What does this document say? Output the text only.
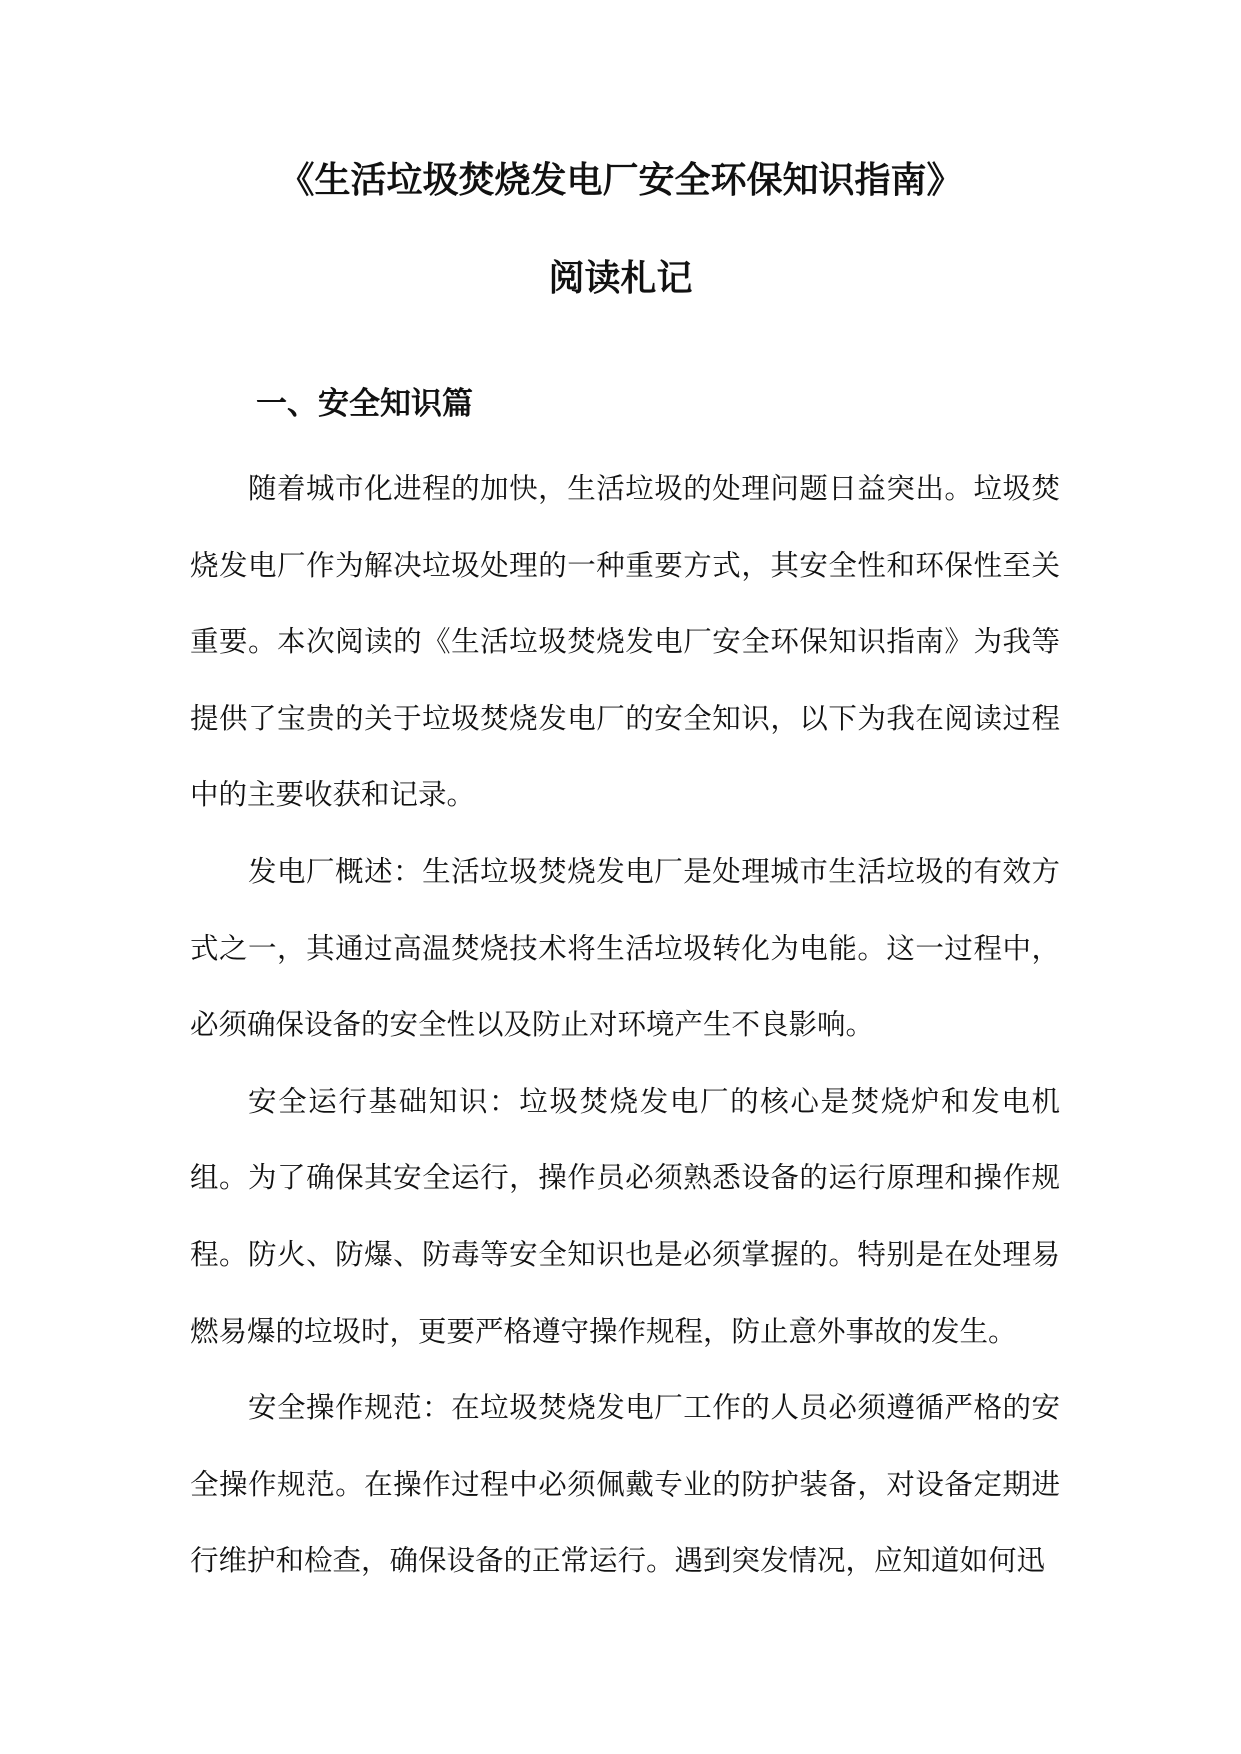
《生活垃圾焚烧发电厂安全环保知识指南》
阅读札记
一、安全知识篇

随着城市化进程的加快，生活垃圾的处理问题日益突出。垃圾焚烧发电厂作为解决垃圾处理的一种重要方式，其安全性和环保性至关重要。本次阅读的《生活垃圾焚烧发电厂安全环保知识指南》为我等提供了宝贵的关于垃圾焚烧发电厂的安全知识，以下为我在阅读过程中的主要收获和记录。

发电厂概述：生活垃圾焚烧发电厂是处理城市生活垃圾的有效方式之一，其通过高温焚烧技术将生活垃圾转化为电能。这一过程中，必须确保设备的安全性以及防止对环境产生不良影响。

安全运行基础知识：垃圾焚烧发电厂的核心是焚烧炉和发电机组。为了确保其安全运行，操作员必须熟悉设备的运行原理和操作规程。防火、防爆、防毒等安全知识也是必须掌握的。特别是在处理易燃易爆的垃圾时，更要严格遵守操作规程，防止意外事故的发生。

安全操作规范：在垃圾焚烧发电厂工作的人员必须遵循严格的安全操作规范。在操作过程中必须佩戴专业的防护装备，对设备定期进行维护和检查，确保设备的正常运行。遇到突发情况，应知道如何迅
